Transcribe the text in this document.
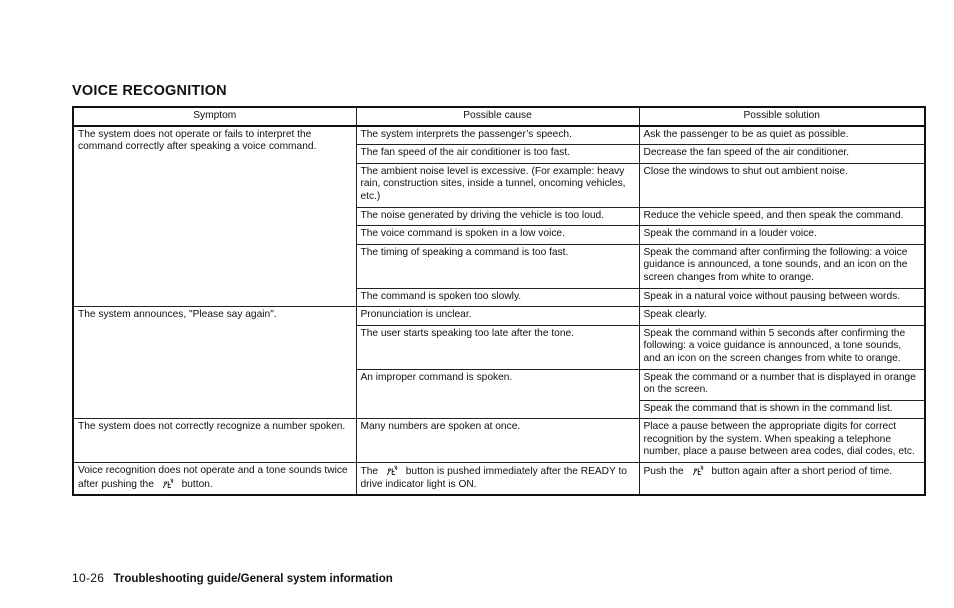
VOICE RECOGNITION
Symptom	Possible cause	Possible solution
The system does not operate or fails to interpret the command correctly after speaking a voice command.	The system interprets the passenger’s speech.	Ask the passenger to be as quiet as possible.
	The fan speed of the air conditioner is too fast.	Decrease the fan speed of the air conditioner.
	The ambient noise level is excessive. (For example: heavy rain, construction sites, inside a tunnel, oncoming vehicles, etc.)	Close the windows to shut out ambient noise.
	The noise generated by driving the vehicle is too loud.	Reduce the vehicle speed, and then speak the command.
	The voice command is spoken in a low voice.	Speak the command in a louder voice.
	The timing of speaking a command is too fast.	Speak the command after confirming the following: a voice guidance is announced, a tone sounds, and an icon on the screen changes from white to orange.
	The command is spoken too slowly.	Speak in a natural voice without pausing between words.
The system announces, "Please say again".	Pronunciation is unclear.	Speak clearly.
	The user starts speaking too late after the tone.	Speak the command within 5 seconds after confirming the following: a voice guidance is announced, a tone sounds, and an icon on the screen changes from white to orange.
	An improper command is spoken.	Speak the command or a number that is displayed in orange on the screen.
		Speak the command that is shown in the command list.
The system does not correctly recognize a number spoken.	Many numbers are spoken at once.	Place a pause between the appropriate digits for correct recognition by the system. When speaking a telephone number, place a pause between area codes, dial codes, etc.
Voice recognition does not operate and a tone sounds twice after pushing the button.	The button is pushed immediately after the READY to drive indicator light is ON.	Push the button again after a short period of time.
10-26 Troubleshooting guide/General system information
